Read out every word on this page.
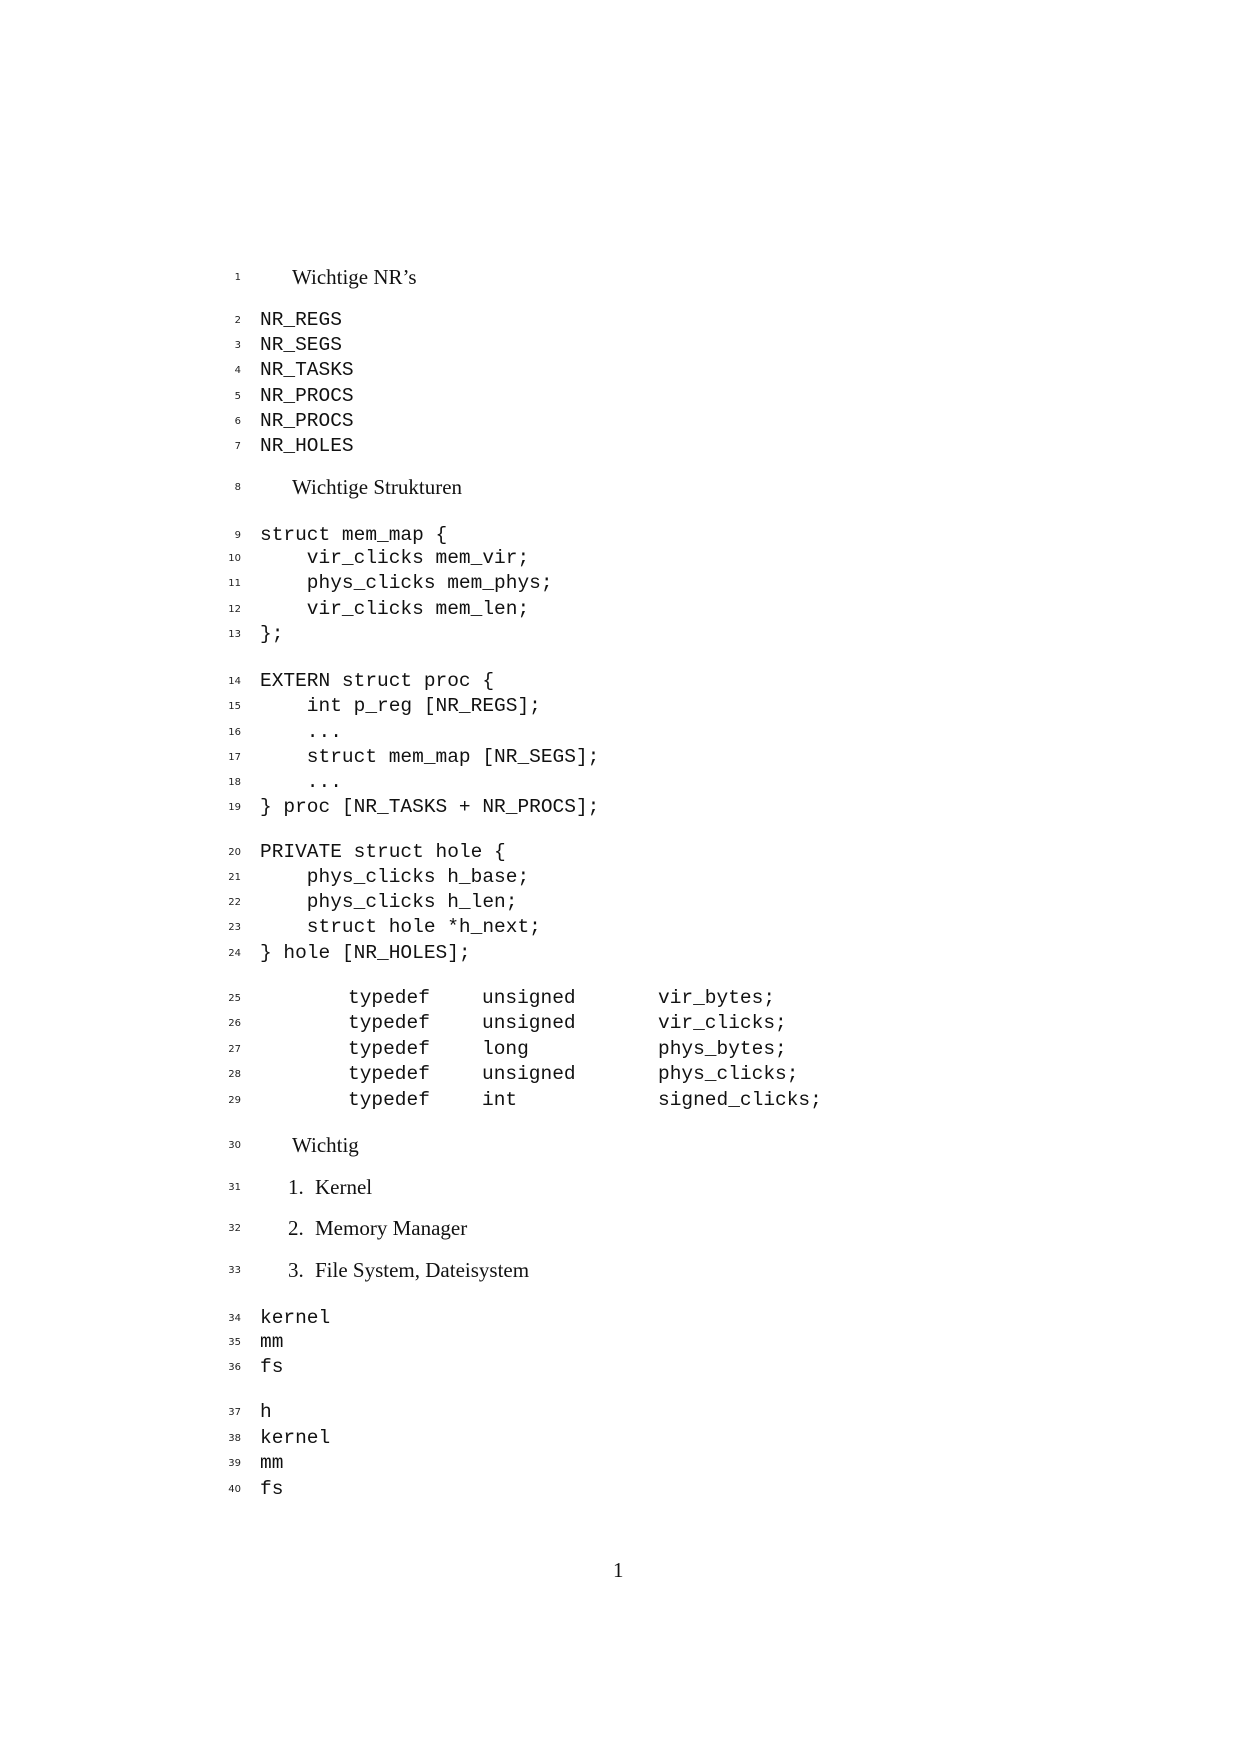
1 Wichtige NR’s
2 NR_REGS
3 NR_SEGS
4 NR_TASKS
5 NR_PROCS
6 NR_PROCS
7 NR_HOLES
8 Wichtige Strukturen
9 struct mem_map {
10 vir_clicks mem_vir;
11 phys_clicks mem_phys;
12 vir_clicks mem_len;
13 };
14 EXTERN struct proc {
15 int p_reg [NR_REGS];
16 ...
17 struct mem_map [NR_SEGS];
18 ...
19 } proc [NR_TASKS + NR_PROCS];
20 PRIVATE struct hole {
21 phys_clicks h_base;
22 phys_clicks h_len;
23 struct hole *h_next;
24 } hole [NR_HOLES];
25	typedef	unsigned	vir_bytes;
26	typedef	unsigned	vir_clicks;
27	typedef	long	phys_bytes;
28	typedef	unsigned	phys_clicks;
29	typedef	int	signed_clicks;
30 Wichtig
31 1. Kernel
32 2. Memory Manager
33 3. File System, Dateisystem
34 kernel
35 mm
36 fs
37 h
38 kernel
39 mm
40 fs
1
